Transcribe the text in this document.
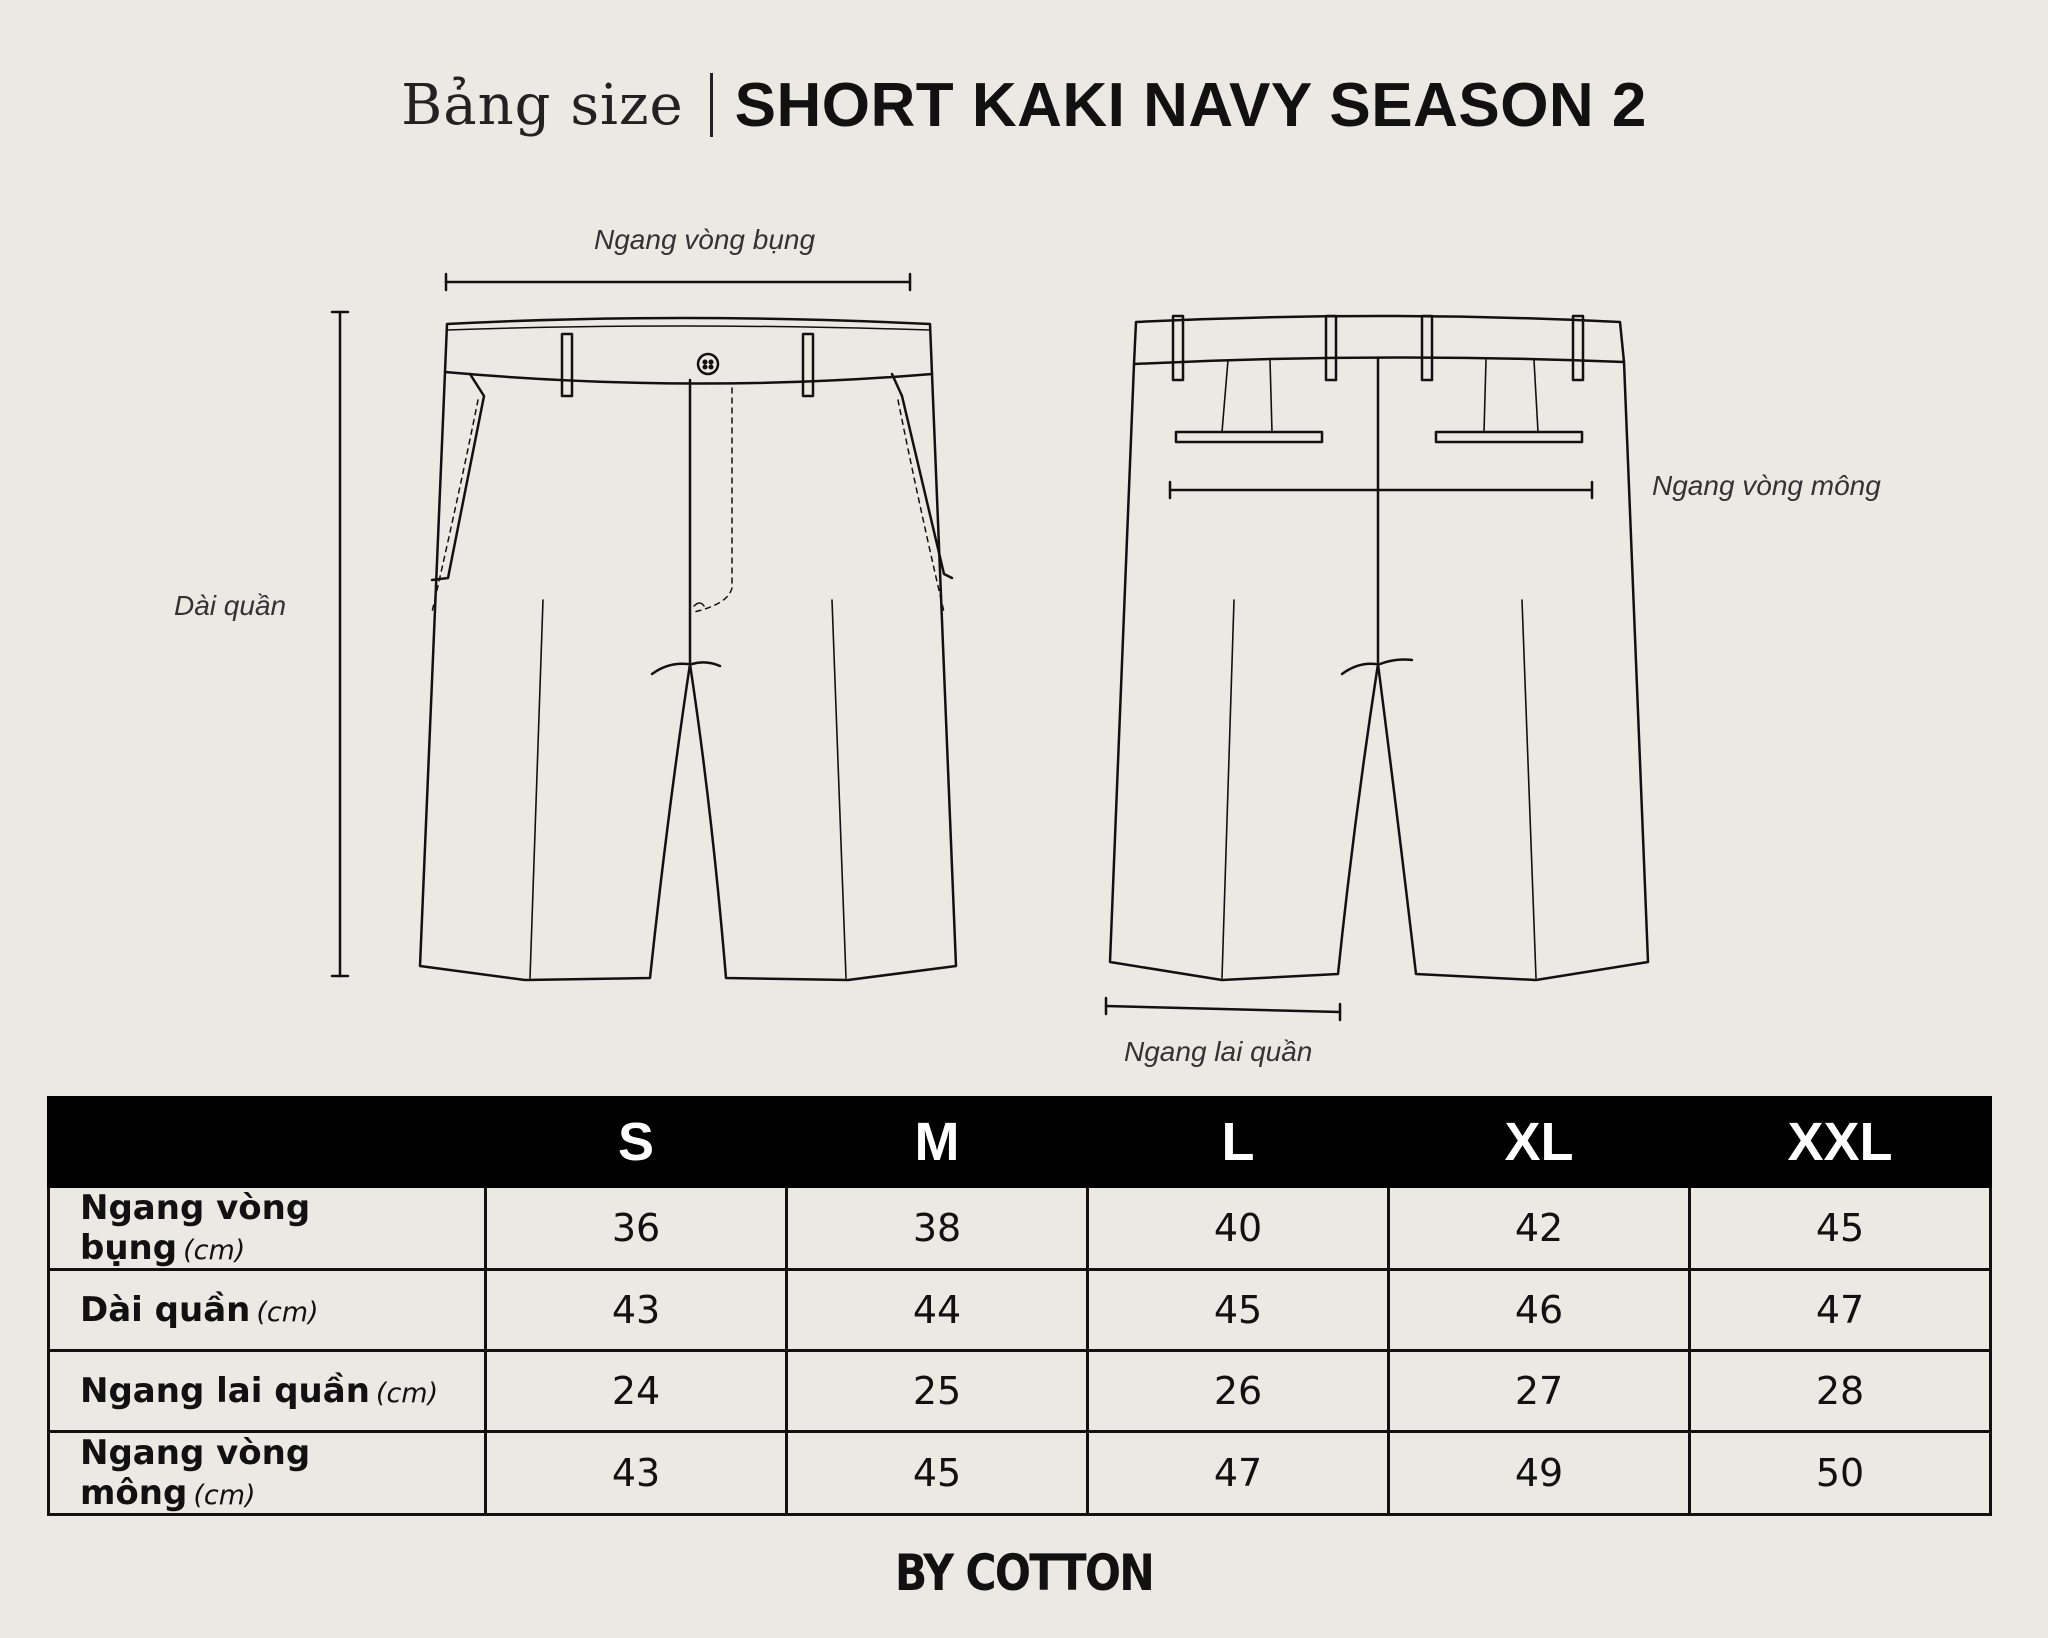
Bảng size SHORT KAKI NAVY SEASON 2
Ngang vòng bụng
Dài quần
Ngang vòng mông
Ngang lai quần
	S	M	L	XL	XXL
Ngang vòng bụng (cm)	36	38	40	42	45
Dài quần (cm)	43	44	45	46	47
Ngang lai quần (cm)	24	25	26	27	28
Ngang vòng mông (cm)	43	45	47	49	50
BY COTTON
